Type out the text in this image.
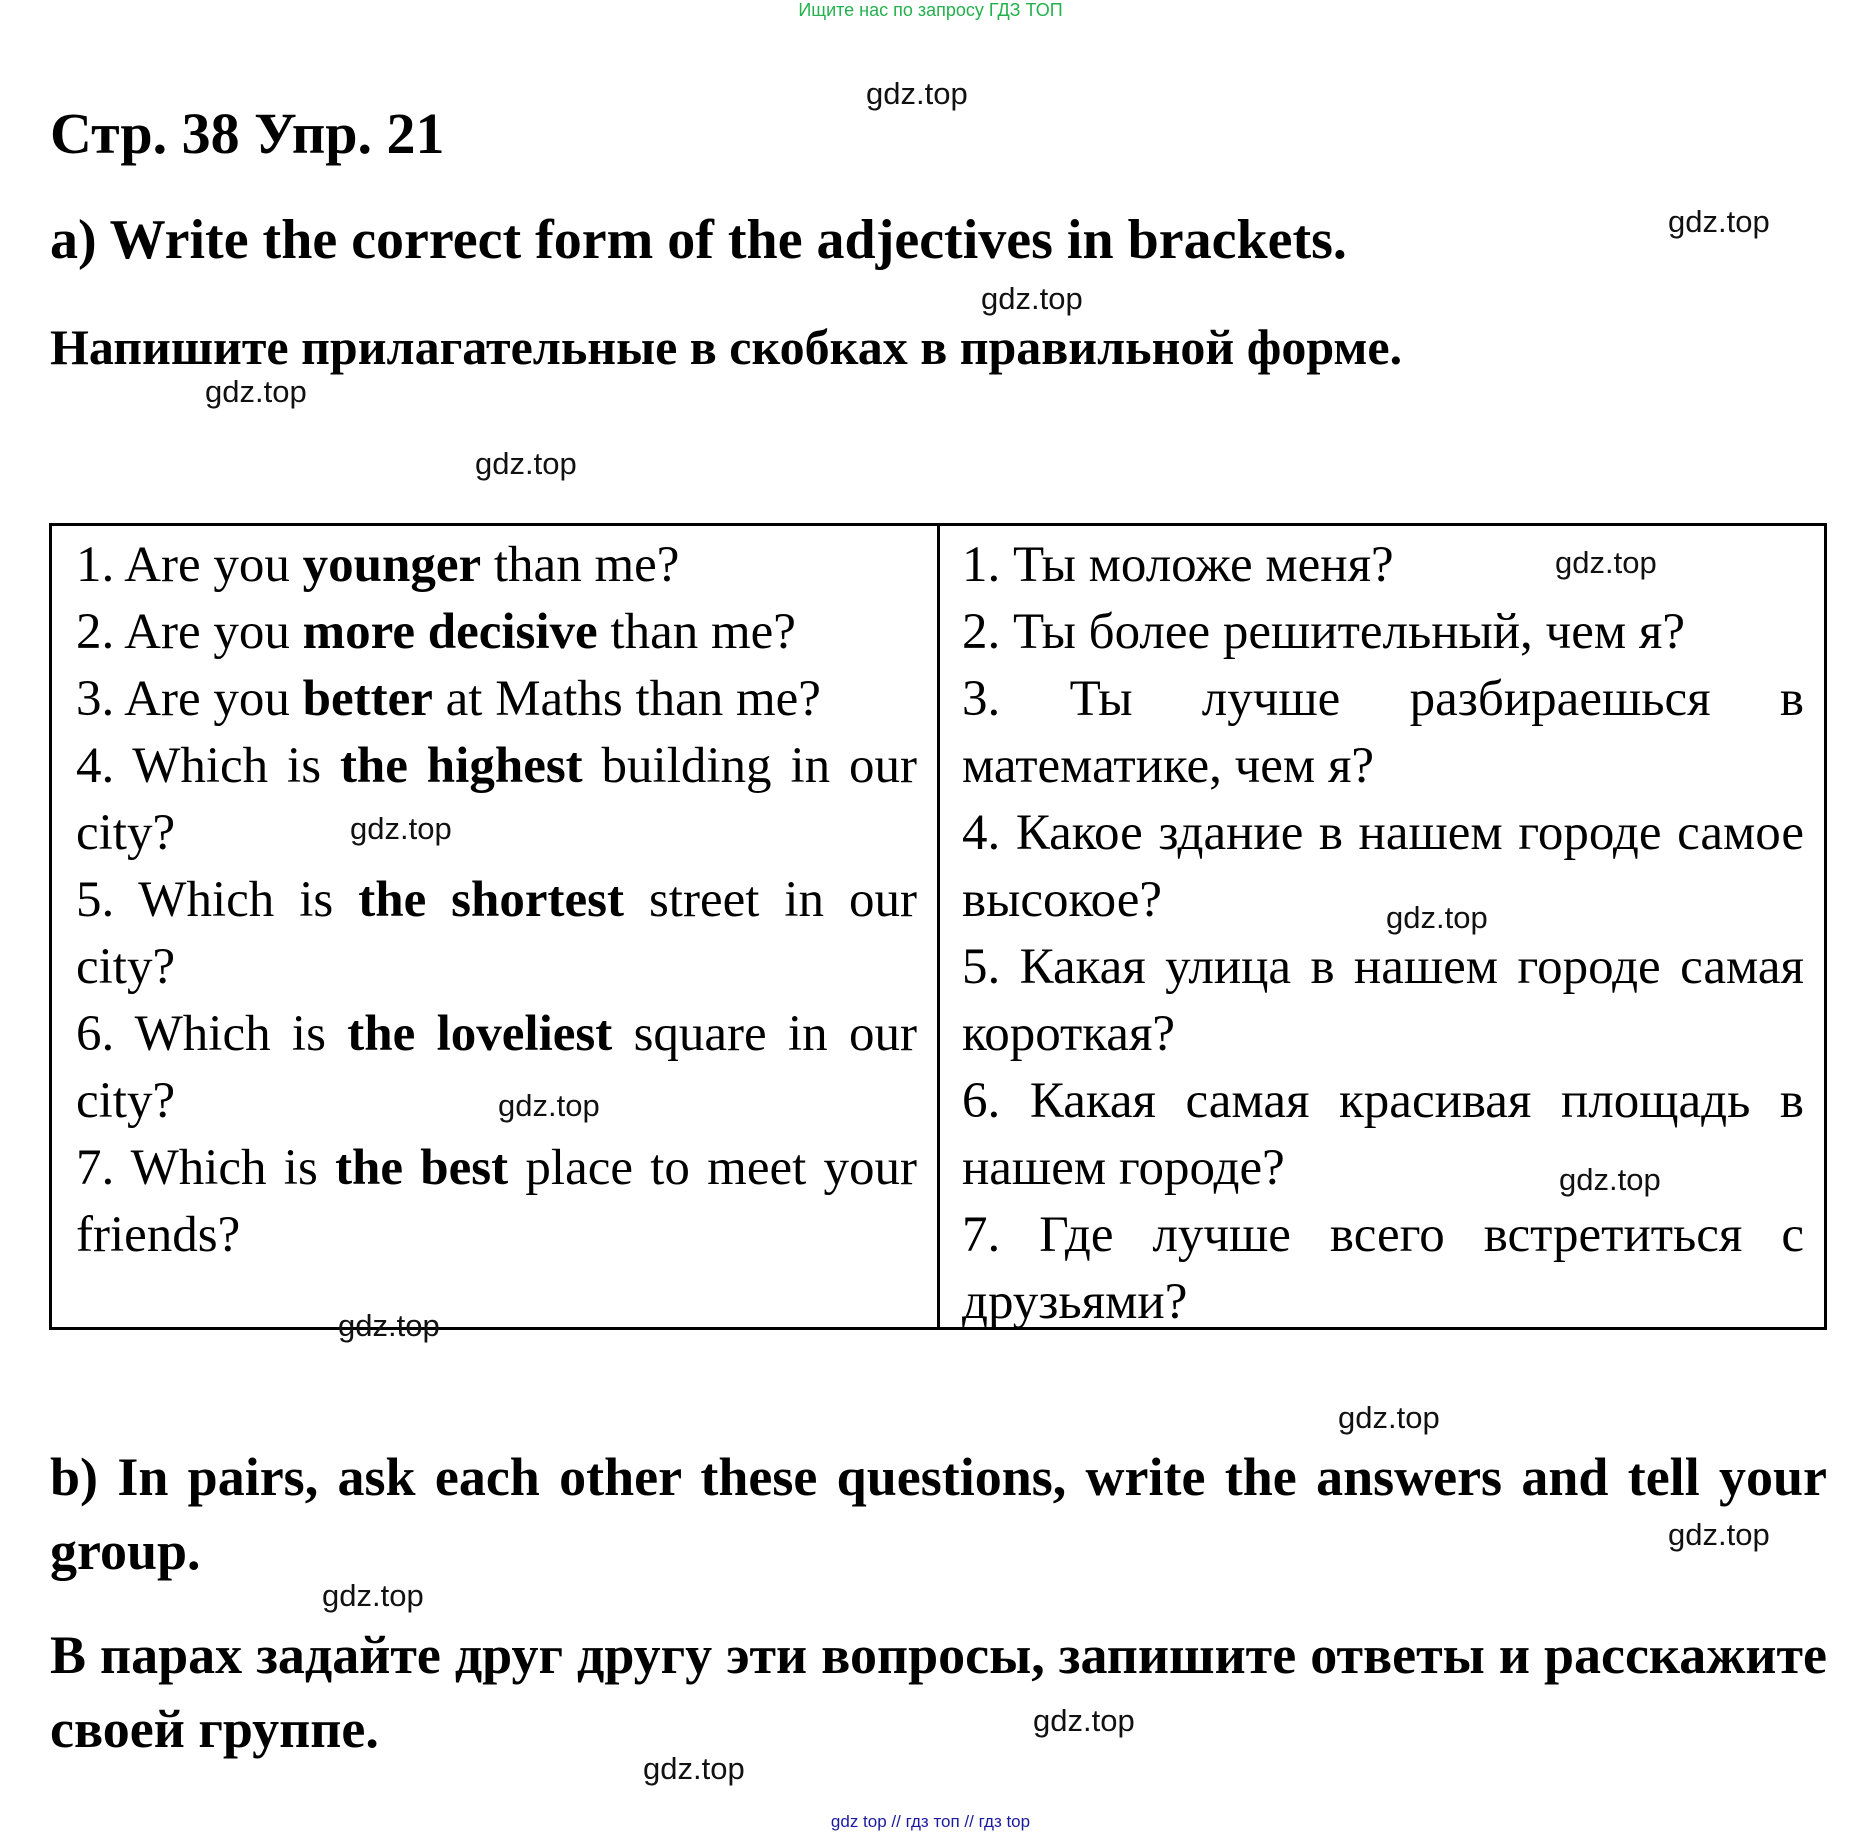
Ищите нас по запросу ГДЗ ТОП
Стр. 38 Упр. 21
a) Write the correct form of the adjectives in brackets.
Напишите прилагательные в скобках в правильной форме.

1. Are you younger than me?

2. Are you more decisive than me?

3. Are you better at Maths than me?

4. Which is the highest building in our city?

5. Which is the shortest street in our city?

6. Which is the loveliest square in our city?

7. Which is the best place to meet your friends?

1. Ты моложе меня?

2. Ты более решительный, чем я?

3. Ты лучше разбираешься в математике, чем я?

4. Какое здание в нашем городе самое высокое?

5. Какая улица в нашем городе самая короткая?

6. Какая самая красивая площадь в нашем городе?

7. Где лучше всего встретиться с друзьями?

b) In pairs, ask each other these questions, write the answers and tell your group.
В парах задайте друг другу эти вопросы, запишите ответы и расскажите своей группе.
gdz.top
gdz.top
gdz.top
gdz.top
gdz.top
gdz.top
gdz.top
gdz.top
gdz.top
gdz.top
gdz.top
gdz.top
gdz.top
gdz.top
gdz.top
gdz.top
gdz top // гдз топ // гдз top
